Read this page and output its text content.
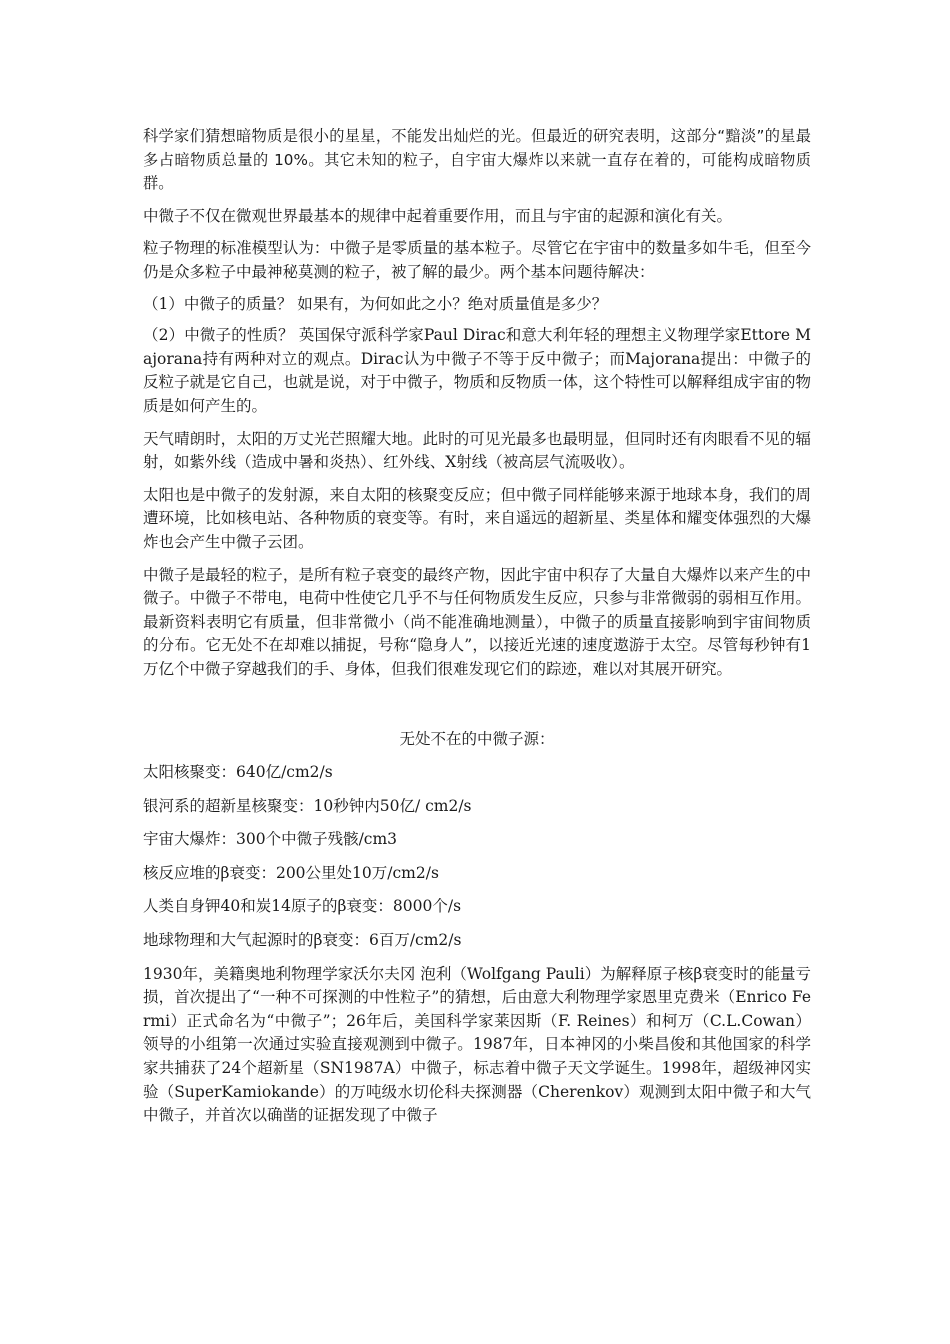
科学家们猜想暗物质是很小的星星，不能发出灿烂的光。但最近的研究表明，这部分“黯淡”的星最多占暗物质总量的 10%。其它未知的粒子，自宇宙大爆炸以来就一直存在着的，可能构成暗物质群。

中微子不仅在微观世界最基本的规律中起着重要作用，而且与宇宙的起源和演化有关。

粒子物理的标准模型认为：中微子是零质量的基本粒子。尽管它在宇宙中的数量多如牛毛，但至今仍是众多粒子中最神秘莫测的粒子，被了解的最少。两个基本问题待解决：

（1）中微子的质量？ 如果有，为何如此之小？绝对质量值是多少？

（2）中微子的性质？ 英国保守派科学家Paul Dirac和意大利年轻的理想主义物理学家Ettore Majorana持有两种对立的观点。Dirac认为中微子不等于反中微子；而Majorana提出：中微子的反粒子就是它自己，也就是说，对于中微子，物质和反物质一体，这个特性可以解释组成宇宙的物质是如何产生的。

天气晴朗时，太阳的万丈光芒照耀大地。此时的可见光最多也最明显，但同时还有肉眼看不见的辐射，如紫外线（造成中暑和炎热）、红外线、X射线（被高层气流吸收）。

太阳也是中微子的发射源，来自太阳的核聚变反应；但中微子同样能够来源于地球本身，我们的周遭环境，比如核电站、各种物质的衰变等。有时，来自遥远的超新星、类星体和耀变体强烈的大爆炸也会产生中微子云团。

中微子是最轻的粒子，是所有粒子衰变的最终产物，因此宇宙中积存了大量自大爆炸以来产生的中微子。中微子不带电，电荷中性使它几乎不与任何物质发生反应，只参与非常微弱的弱相互作用。最新资料表明它有质量，但非常微小（尚不能准确地测量），中微子的质量直接影响到宇宙间物质的分布。它无处不在却难以捕捉，号称“隐身人”，以接近光速的速度遨游于太空。尽管每秒钟有1万亿个中微子穿越我们的手、身体，但我们很难发现它们的踪迹，难以对其展开研究。

无处不在的中微子源：

太阳核聚变：640亿/cm2/s

银河系的超新星核聚变：10秒钟内50亿/ cm2/s

宇宙大爆炸：300个中微子残骸/cm3

核反应堆的β衰变：200公里处10万/cm2/s

人类自身钾40和炭14原子的β衰变：8000个/s

地球物理和大气起源时的β衰变：6百万/cm2/s

1930年，美籍奥地利物理学家沃尔夫冈 泡利（Wolfgang Pauli）为解释原子核β衰变时的能量亏损，首次提出了“一种不可探测的中性粒子”的猜想，后由意大利物理学家恩里克费米（Enrico Fermi）正式命名为“中微子”；26年后，美国科学家莱因斯（F. Reines）和柯万（C.L.Cowan）领导的小组第一次通过实验直接观测到中微子。1987年，日本神冈的小柴昌俊和其他国家的科学家共捕获了24个超新星（SN1987A）中微子，标志着中微子天文学诞生。1998年，超级神冈实验（SuperKamiokande）的万吨级水切伦科夫探测器（Cherenkov）观测到太阳中微子和大气中微子，并首次以确凿的证据发现了中微子
